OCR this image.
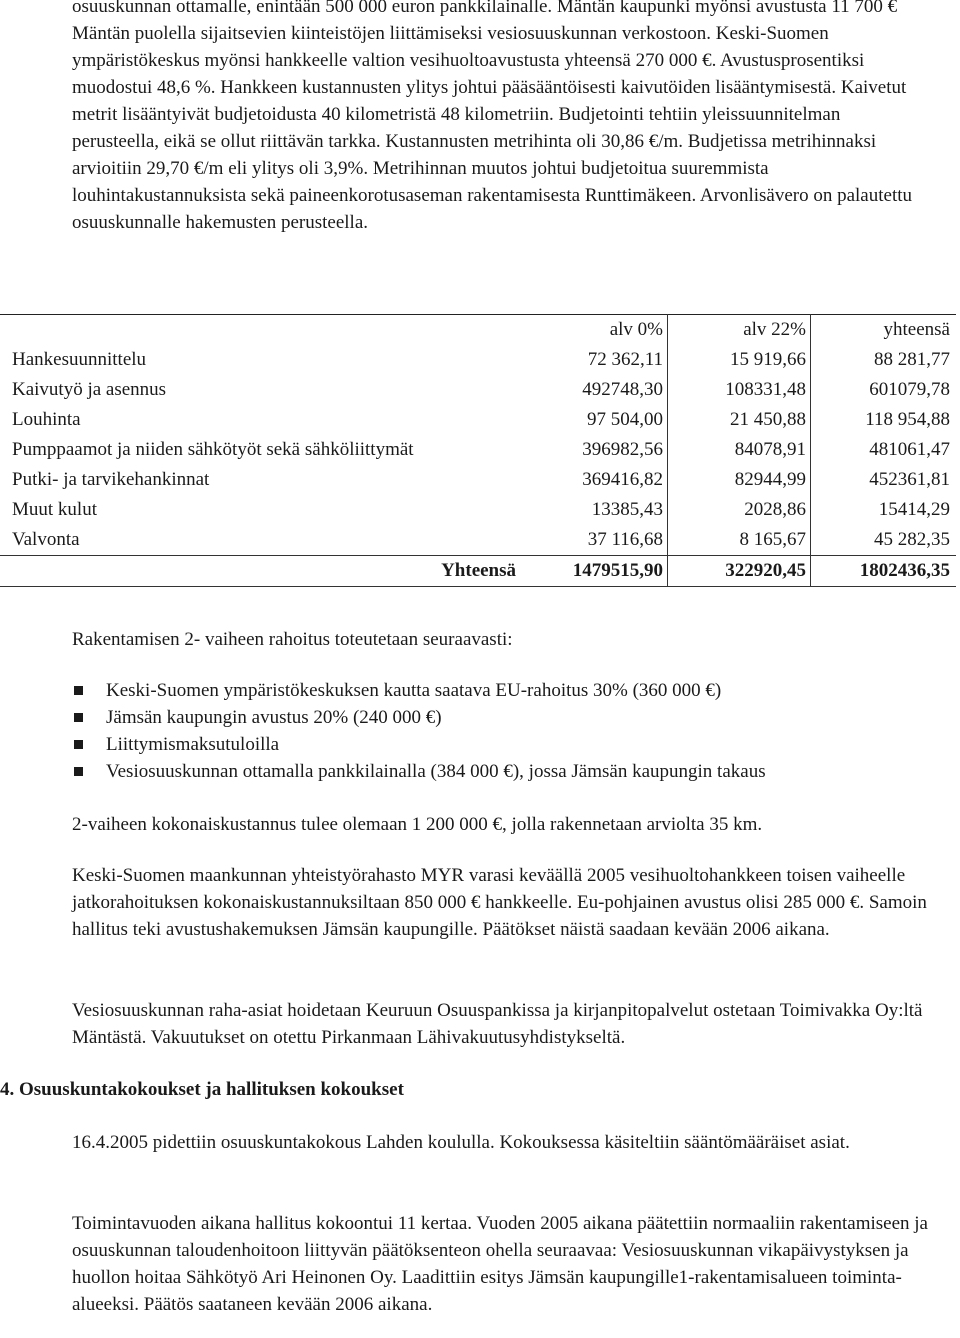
osuuskunnan ottamalle, enintään 500 000 euron pankkilainalle. Mäntän kaupunki myönsi avustusta 11 700 € Mäntän puolella sijaitsevien kiinteistöjen liittämiseksi vesiosuuskunnan verkostoon. Keski-Suomen ympäristökeskus myönsi hankkeelle valtion vesihuoltoavustusta yhteensä 270 000 €. Avustusprosentiksi muodostui 48,6 %. Hankkeen kustannusten ylitys johtui pääsääntöisesti kaivutöiden lisääntymisestä. Kaivetut metrit lisääntyivät budjetoidusta 40 kilometristä 48 kilometriin. Budjetointi tehtiin yleissuunnitelman perusteella, eikä se ollut riittävän tarkka. Kustannusten metrihinta oli 30,86 €/m. Budjetissa metrihinnaksi arvioitiin 29,70 €/m eli ylitys oli 3,9%. Metrihinnan muutos johtui budjetoitua suuremmista louhintakustannuksista sekä paineenkorotusaseman rakentamisesta Runttimäkeen. Arvonlisävero on palautettu osuuskunnalle hakemusten perusteella.

	alv 0%	alv 22%	yhteensä
Hankesuunnittelu	72 362,11	15 919,66	88 281,77
Kaivutyö ja asennus	492748,30	108331,48	601079,78
Louhinta	97 504,00	21 450,88	118 954,88
Pumppaamot ja niiden sähkötyöt sekä sähköliittymät	396982,56	84078,91	481061,47
Putki- ja tarvikehankinnat	369416,82	82944,99	452361,81
Muut kulut	13385,43	2028,86	15414,29
Valvonta	37 116,68	8 165,67	45 282,35
Yhteensä	1479515,90	322920,45	1802436,35

Rakentamisen 2- vaiheen rahoitus toteutetaan seuraavasti:

Keski-Suomen ympäristökeskuksen kautta saatava EU-rahoitus 30% (360 000 €)
Jämsän kaupungin avustus 20% (240 000 €)
Liittymismaksutuloilla
Vesiosuuskunnan ottamalla pankkilainalla (384 000 €), jossa Jämsän kaupungin takaus

2-vaiheen kokonaiskustannus tulee olemaan 1 200 000 €, jolla rakennetaan arviolta 35 km.

Keski-Suomen maankunnan yhteistyörahasto MYR varasi keväällä 2005 vesihuoltohankkeen toisen vaiheelle jatkorahoituksen kokonaiskustannuksiltaan 850 000 € hankkeelle. Eu-pohjainen avustus olisi 285 000 €. Samoin hallitus teki avustushakemuksen Jämsän kaupungille. Päätökset näistä saadaan kevään 2006 aikana.

Vesiosuuskunnan raha-asiat hoidetaan Keuruun Osuuspankissa ja kirjanpitopalvelut ostetaan Toimivakka Oy:ltä Mäntästä. Vakuutukset on otettu Pirkanmaan Lähivakuutusyhdistykseltä.

4. Osuuskuntakokoukset ja hallituksen kokoukset

16.4.2005 pidettiin osuuskuntakokous Lahden koululla. Kokouksessa käsiteltiin sääntömääräiset asiat.

Toimintavuoden aikana hallitus kokoontui 11 kertaa. Vuoden 2005 aikana päätettiin normaaliin rakentamiseen ja osuuskunnan taloudenhoitoon liittyvän päätöksenteon ohella seuraavaa: Vesiosuuskunnan vikapäivystyksen ja huollon hoitaa Sähkötyö Ari Heinonen Oy. Laadittiin esitys Jämsän kaupungille1-rakentamisalueen toiminta-alueeksi. Päätös saataneen kevään 2006 aikana.
